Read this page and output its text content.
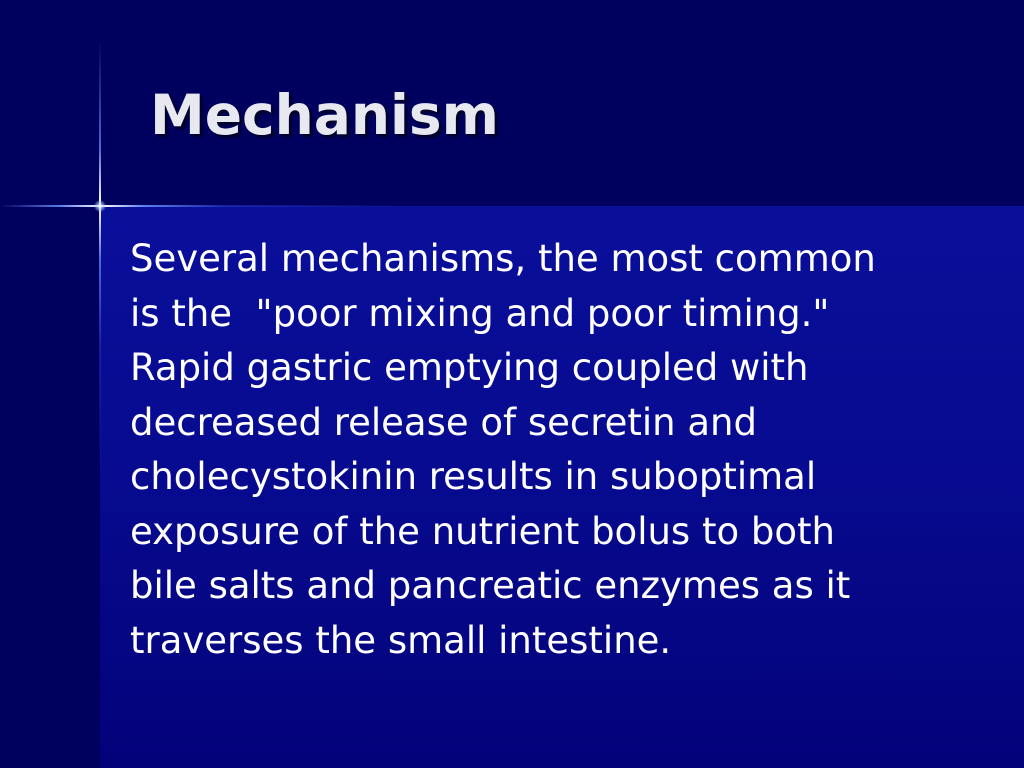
Mechanism
Several mechanisms, the most common
is the  "poor mixing and poor timing."
Rapid gastric emptying coupled with
decreased release of secretin and
cholecystokinin results in suboptimal
exposure of the nutrient bolus to both
bile salts and pancreatic enzymes as it
traverses the small intestine.
